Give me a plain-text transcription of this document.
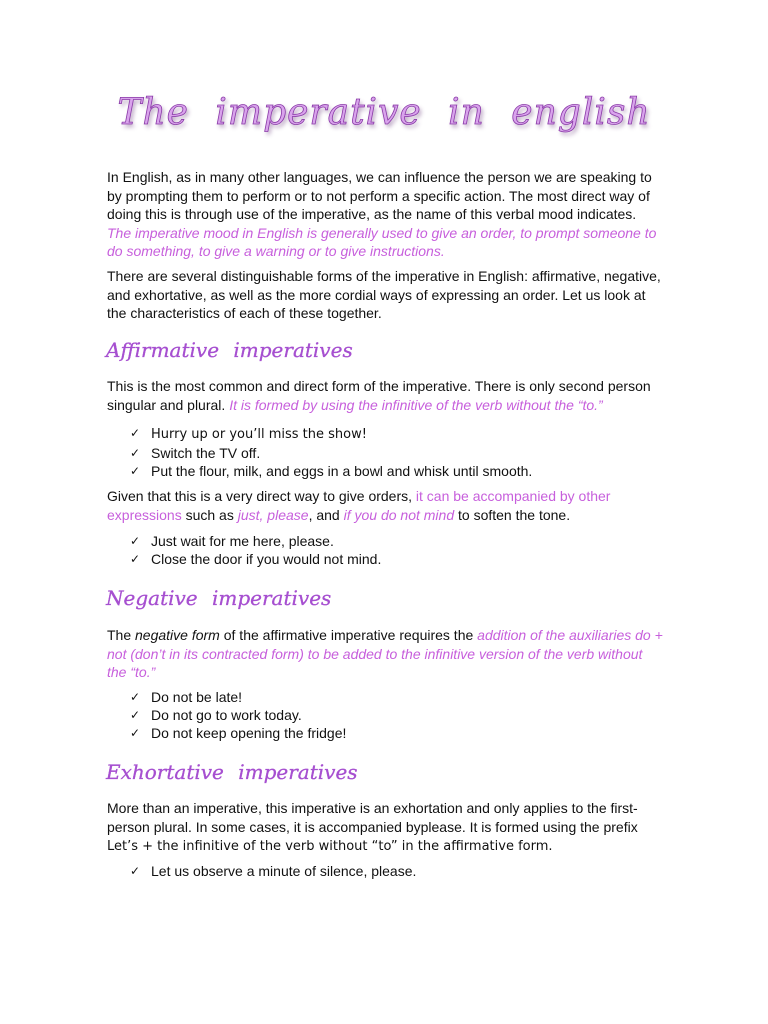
The imperative in english
In English, as in many other languages, we can influence the person we are speaking to by prompting them to perform or to not perform a specific action. The most direct way of doing this is through use of the imperative, as the name of this verbal mood indicates. The imperative mood in English is generally used to give an order, to prompt someone to do something, to give a warning or to give instructions.
There are several distinguishable forms of the imperative in English: affirmative, negative, and exhortative, as well as the more cordial ways of expressing an order. Let us look at the characteristics of each of these together.
Affirmative imperatives
This is the most common and direct form of the imperative. There is only second person singular and plural. It is formed by using the infinitive of the verb without the “to.”
✓ Hurry up or you’ll miss the show!
✓ Switch the TV off.
✓ Put the flour, milk, and eggs in a bowl and whisk until smooth.
Given that this is a very direct way to give orders, it can be accompanied by other expressions such as just, please, and if you do not mind to soften the tone.
✓ Just wait for me here, please.
✓ Close the door if you would not mind.
Negative imperatives
The negative form of the affirmative imperative requires the addition of the auxiliaries do + not (don’t in its contracted form) to be added to the infinitive version of the verb without the “to.”
✓ Do not be late!
✓ Do not go to work today.
✓ Do not keep opening the fridge!
Exhortative imperatives
More than an imperative, this imperative is an exhortation and only applies to the first-person plural. In some cases, it is accompanied byplease. It is formed using the prefix Let’s + the infinitive of the verb without “to” in the affirmative form.
✓ Let us observe a minute of silence, please.
